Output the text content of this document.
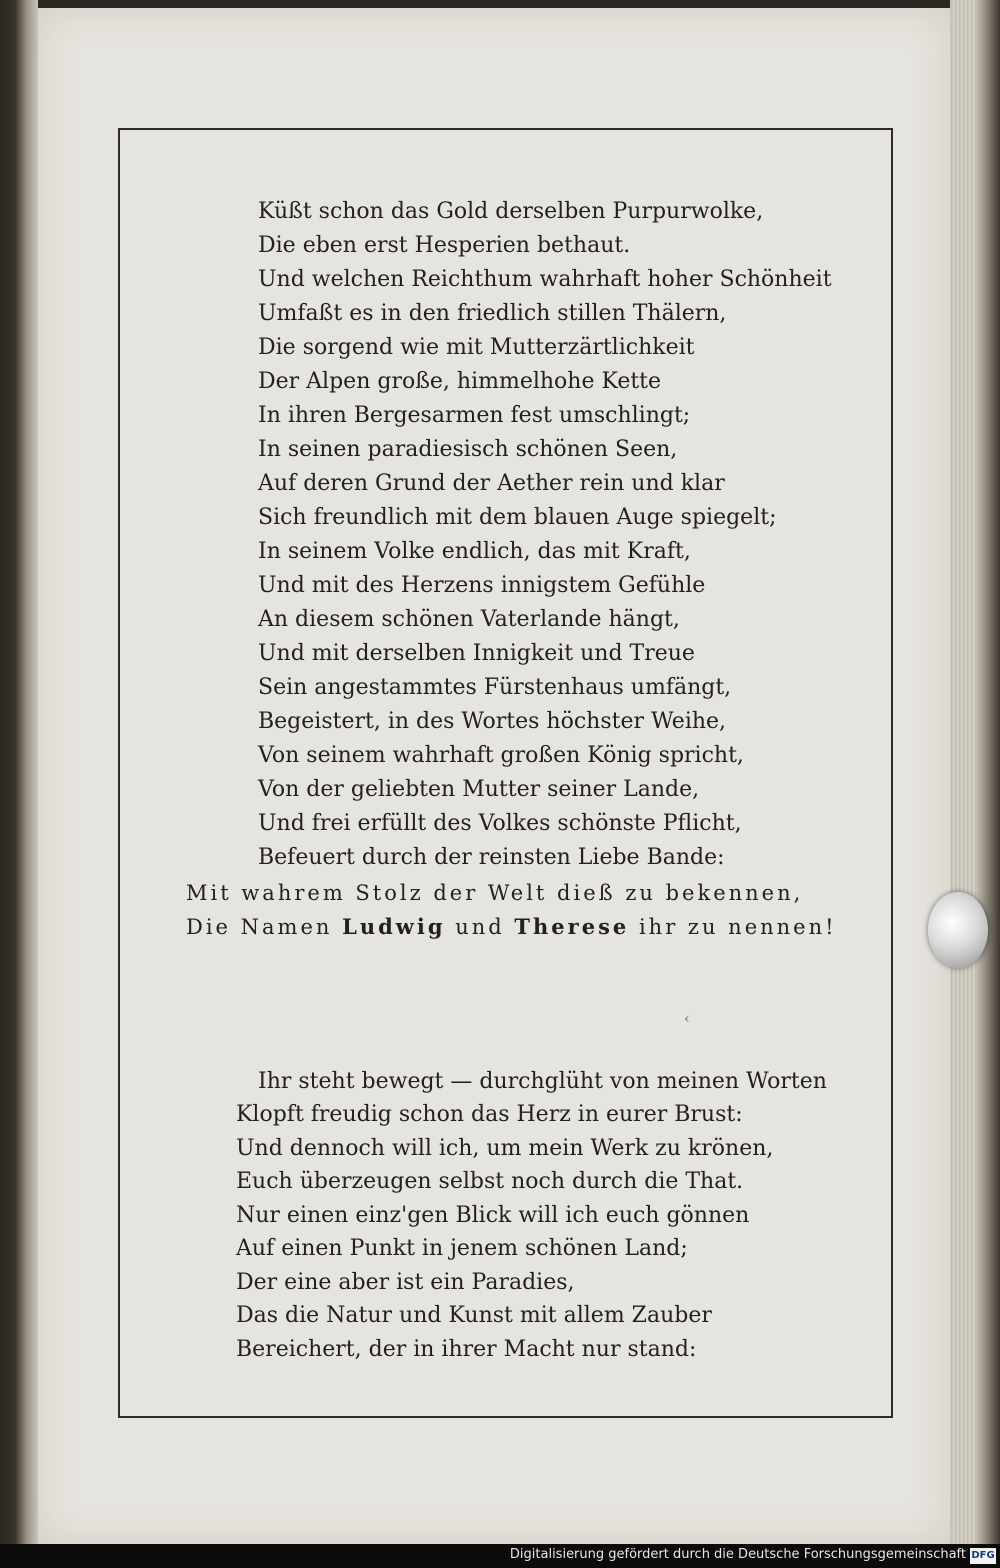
Küßt schon das Gold derselben Purpurwolke,
Die eben erst Hesperien bethaut.
Und welchen Reichthum wahrhaft hoher Schönheit
Umfaßt es in den friedlich stillen Thälern,
Die sorgend wie mit Mutterzärtlichkeit
Der Alpen große, himmelhohe Kette
In ihren Bergesarmen fest umschlingt;
In seinen paradiesisch schönen Seen,
Auf deren Grund der Aether rein und klar
Sich freundlich mit dem blauen Auge spiegelt;
In seinem Volke endlich, das mit Kraft,
Und mit des Herzens innigstem Gefühle
An diesem schönen Vaterlande hängt,
Und mit derselben Innigkeit und Treue
Sein angestammtes Fürstenhaus umfängt,
Begeistert, in des Wortes höchster Weihe,
Von seinem wahrhaft großen König spricht,
Von der geliebten Mutter seiner Lande,
Und frei erfüllt des Volkes schönste Pflicht,
Befeuert durch der reinsten Liebe Bande:
Mit wahrem Stolz der Welt dieß zu bekennen,
Die Namen Ludwig und Therese ihr zu nennen!
‹
Ihr steht bewegt — durchglüht von meinen Worten
Klopft freudig schon das Herz in eurer Brust:
Und dennoch will ich, um mein Werk zu krönen,
Euch überzeugen selbst noch durch die That.
Nur einen einz'gen Blick will ich euch gönnen
Auf einen Punkt in jenem schönen Land;
Der eine aber ist ein Paradies,
Das die Natur und Kunst mit allem Zauber
Bereichert, der in ihrer Macht nur stand:
Digitalisierung gefördert durch die Deutsche Forschungsgemeinschaft DFG
